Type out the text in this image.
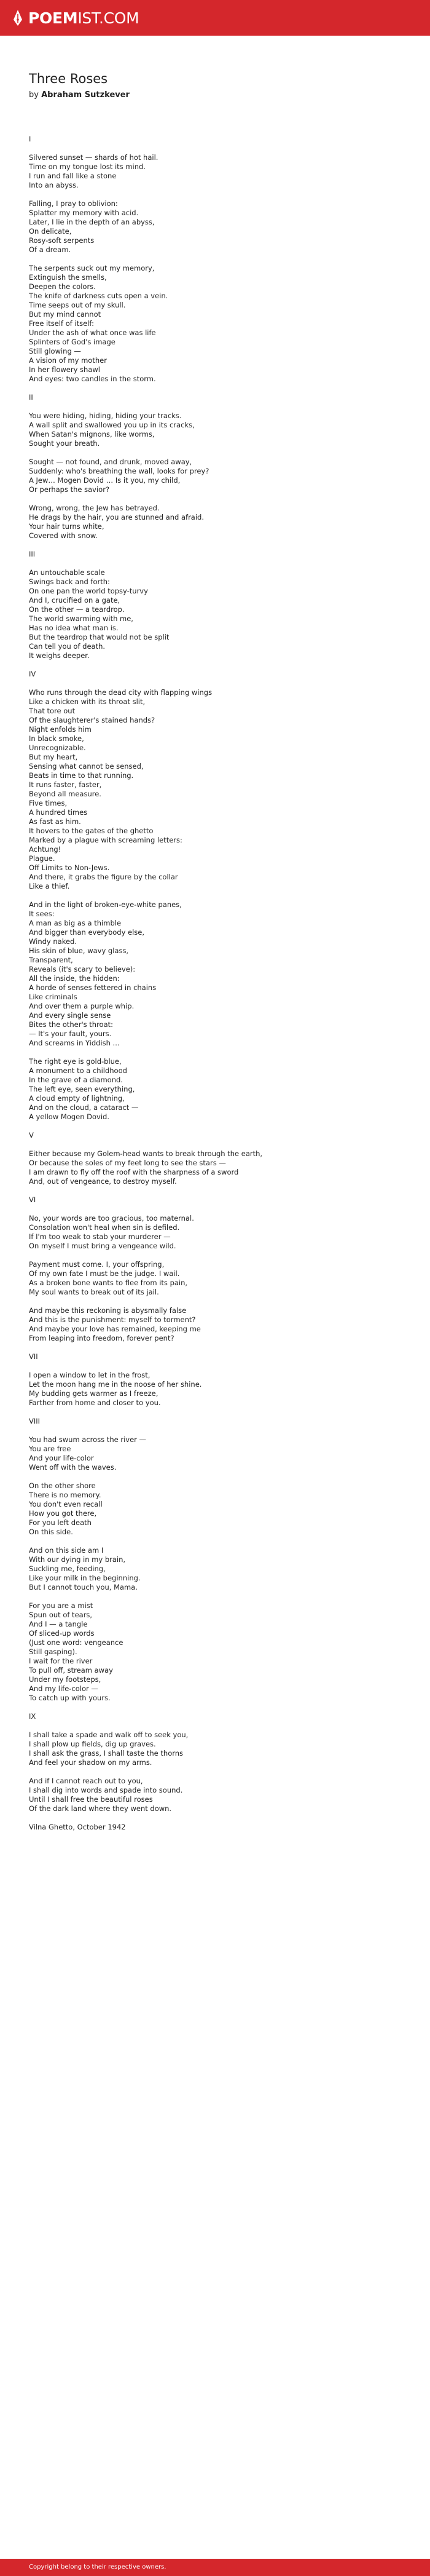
POEMIST.COM
Three Roses
by Abraham Sutzkever
I
Silvered sunset — shards of hot hail.
Time on my tongue lost its mind.
I run and fall like a stone
Into an abyss.
Falling, I pray to oblivion:
Splatter my memory with acid.
Later, I lie in the depth of an abyss,
On delicate,
Rosy-soft serpents
Of a dream.
The serpents suck out my memory,
Extinguish the smells,
Deepen the colors.
The knife of darkness cuts open a vein.
Time seeps out of my skull.
But my mind cannot
Free itself of itself:
Under the ash of what once was life
Splinters of God's image
Still glowing —
A vision of my mother
In her flowery shawl
And eyes: two candles in the storm.
II
You were hiding, hiding, hiding your tracks.
A wall split and swallowed you up in its cracks,
When Satan's mignons, like worms,
Sought your breath.
Sought — not found, and drunk, moved away,
Suddenly: who's breathing the wall, looks for prey?
A Jew… Mogen Dovid … Is it you, my child,
Or perhaps the savior?
Wrong, wrong, the Jew has betrayed.
He drags by the hair, you are stunned and afraid.
Your hair turns white,
Covered with snow.
III
An untouchable scale
Swings back and forth:
On one pan the world topsy-turvy
And I, crucified on a gate,
On the other — a teardrop.
The world swarming with me,
Has no idea what man is.
But the teardrop that would not be split
Can tell you of death.
It weighs deeper.
IV
Who runs through the dead city with flapping wings
Like a chicken with its throat slit,
That tore out
Of the slaughterer's stained hands?
Night enfolds him
In black smoke,
Unrecognizable.
But my heart,
Sensing what cannot be sensed,
Beats in time to that running.
It runs faster, faster,
Beyond all measure.
Five times,
A hundred times
As fast as him.
It hovers to the gates of the ghetto
Marked by a plague with screaming letters:
Achtung!
Plague.
Off Limits to Non-Jews.
And there, it grabs the figure by the collar
Like a thief.
And in the light of broken-eye-white panes,
It sees:
A man as big as a thimble
And bigger than everybody else,
Windy naked.
His skin of blue, wavy glass,
Transparent,
Reveals (it's scary to believe):
All the inside, the hidden:
A horde of senses fettered in chains
Like criminals
And over them a purple whip.
And every single sense
Bites the other's throat:
— It's your fault, yours.
And screams in Yiddish ...
The right eye is gold-blue,
A monument to a childhood
In the grave of a diamond.
The left eye, seen everything,
A cloud empty of lightning,
And on the cloud, a cataract —
A yellow Mogen Dovid.
V
Either because my Golem-head wants to break through the earth,
Or because the soles of my feet long to see the stars —
I am drawn to fly off the roof with the sharpness of a sword
And, out of vengeance, to destroy myself.
VI
No, your words are too gracious, too maternal.
Consolation won't heal when sin is defiled.
If I'm too weak to stab your murderer —
On myself I must bring a vengeance wild.
Payment must come. I, your offspring,
Of my own fate I must be the judge. I wail.
As a broken bone wants to flee from its pain,
My soul wants to break out of its jail.
And maybe this reckoning is abysmally false
And this is the punishment: myself to torment?
And maybe your love has remained, keeping me
From leaping into freedom, forever pent?
VII
I open a window to let in the frost,
Let the moon hang me in the noose of her shine.
My budding gets warmer as I freeze,
Farther from home and closer to you.
VIII
You had swum across the river —
You are free
And your life-color
Went off with the waves.
On the other shore
There is no memory.
You don't even recall
How you got there,
For you left death
On this side.
And on this side am I
With our dying in my brain,
Suckling me, feeding,
Like your milk in the beginning.
But I cannot touch you, Mama.
For you are a mist
Spun out of tears,
And I — a tangle
Of sliced-up words
(Just one word: vengeance
Still gasping).
I wait for the river
To pull off, stream away
Under my footsteps,
And my life-color —
To catch up with yours.
IX
I shall take a spade and walk off to seek you,
I shall plow up fields, dig up graves.
I shall ask the grass, I shall taste the thorns
And feel your shadow on my arms.
And if I cannot reach out to you,
I shall dig into words and spade into sound.
Until I shall free the beautiful roses
Of the dark land where they went down.
Vilna Ghetto, October 1942
Copyright belong to their respective owners.
